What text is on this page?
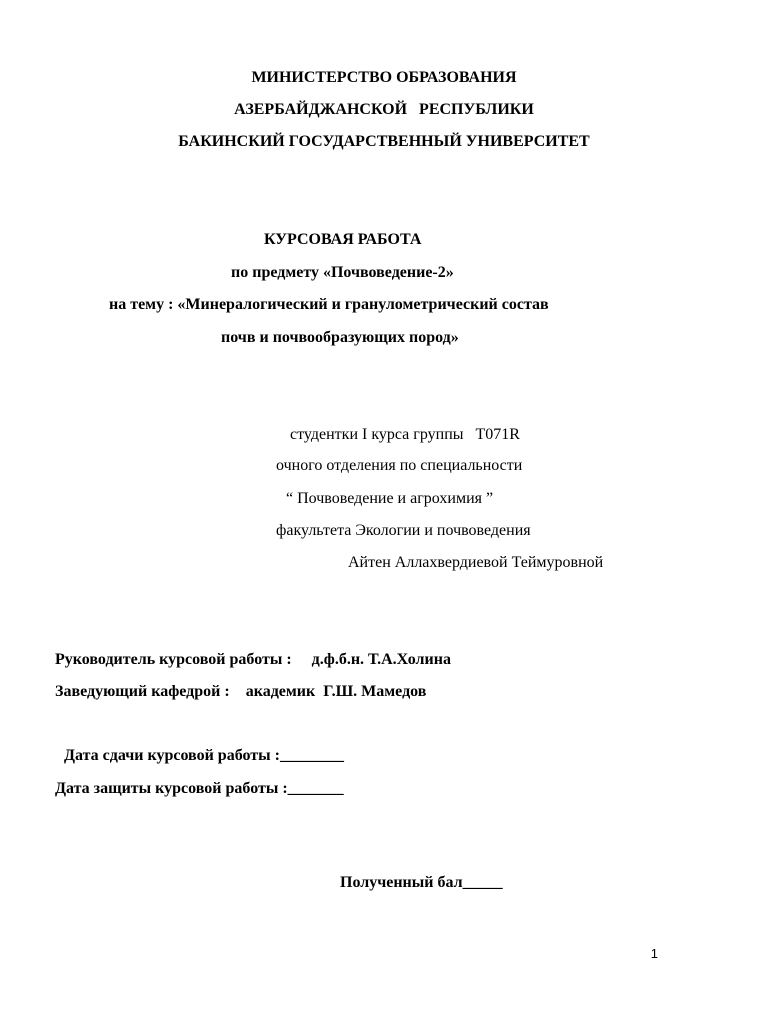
МИНИСТЕРСТВО ОБРАЗОВАНИЯ
АЗЕРБАЙДЖАНСКОЙ   РЕСПУБЛИКИ
БАКИНСКИЙ ГОСУДАРСТВЕННЫЙ УНИВЕРСИТЕТ
КУРСОВАЯ РАБОТА
по предмету «Почвоведение-2»
на тему : «Минералогический и гранулометрический состав
почв и почвообразующих пород»
студентки I курса группы   T071R
очного отделения по специальности
“ Почвоведение и агрохимия ”
факультета Экологии и почвоведения
Айтен Аллахвердиевой Теймуровной
Руководитель курсовой работы :     д.ф.б.н. Т.А.Холина
Заведующий кафедрой :    академик  Г.Ш. Мамедов
Дата сдачи курсовой работы :________
Дата защиты курсовой работы :_______
Полученный бал_____
1
